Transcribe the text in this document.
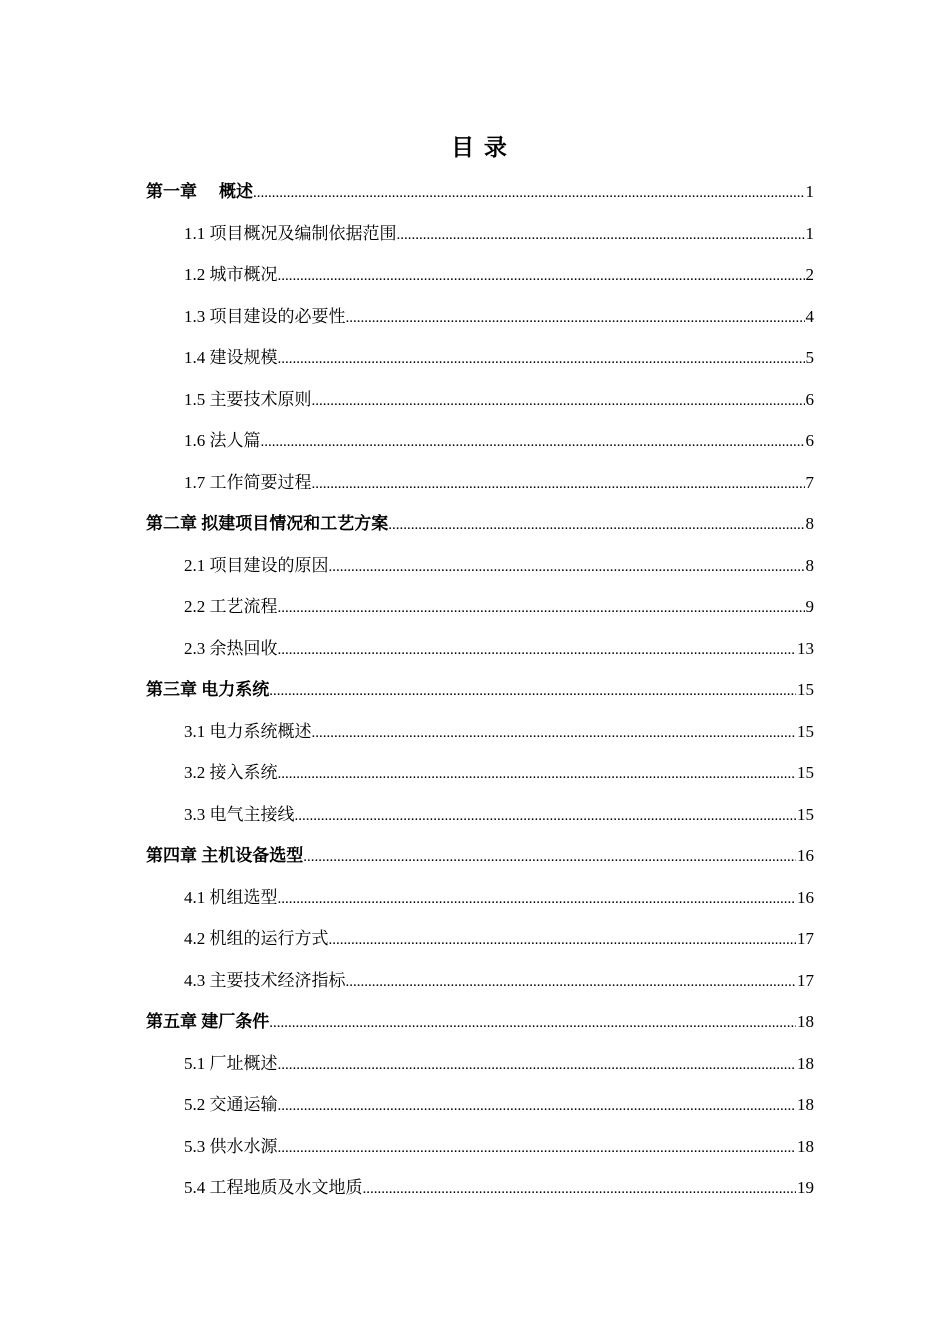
目 录
第一章 概述 .....	1
1.1 项目概况及编制依据范围 .....	1
1.2 城市概况 .....	2
1.3 项目建设的必要性 .....	4
1.4 建设规模 .....	5
1.5 主要技术原则 .....	6
1.6 法人篇 .....	6
1.7 工作简要过程 .....	7
第二章 拟建项目情况和工艺方案 .....	8
2.1 项目建设的原因 .....	8
2.2 工艺流程 .....	9
2.3 余热回收 .....	13
第三章 电力系统 .....	15
3.1 电力系统概述 .....	15
3.2 接入系统 .....	15
3.3 电气主接线 .....	15
第四章 主机设备选型 .....	16
4.1 机组选型 .....	16
4.2 机组的运行方式 .....	17
4.3 主要技术经济指标 .....	17
第五章 建厂条件 .....	18
5.1 厂址概述 .....	18
5.2 交通运输 .....	18
5.3 供水水源 .....	18
5.4 工程地质及水文地质 .....	19
